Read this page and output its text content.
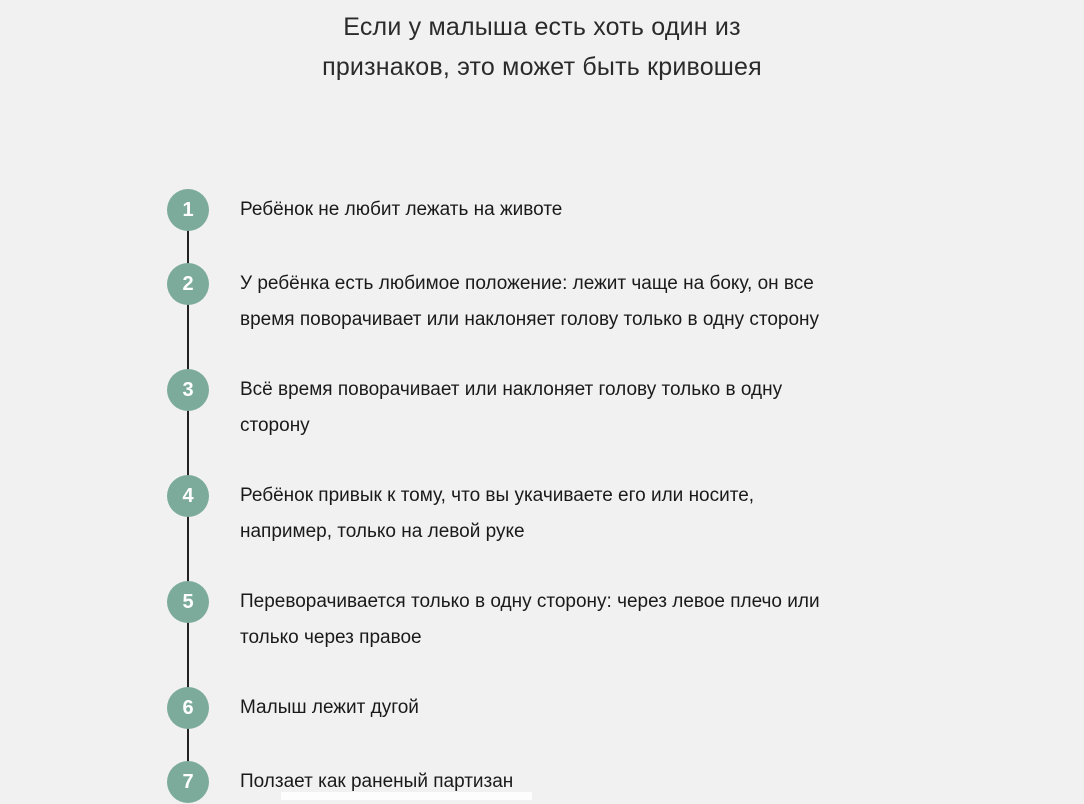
Если у малыша есть хоть один из
признаков, это может быть кривошея
1 Ребёнок не любит лежать на животе
2 У ребёнка есть любимое положение: лежит чаще на боку, он все
время поворачивает или наклоняет голову только в одну сторону
3 Всё время поворачивает или наклоняет голову только в одну
сторону
4 Ребёнок привык к тому, что вы укачиваете его или носите,
например, только на левой руке
5 Переворачивается только в одну сторону: через левое плечо или
только через правое
6 Малыш лежит дугой
7 Ползает как раненый партизан
